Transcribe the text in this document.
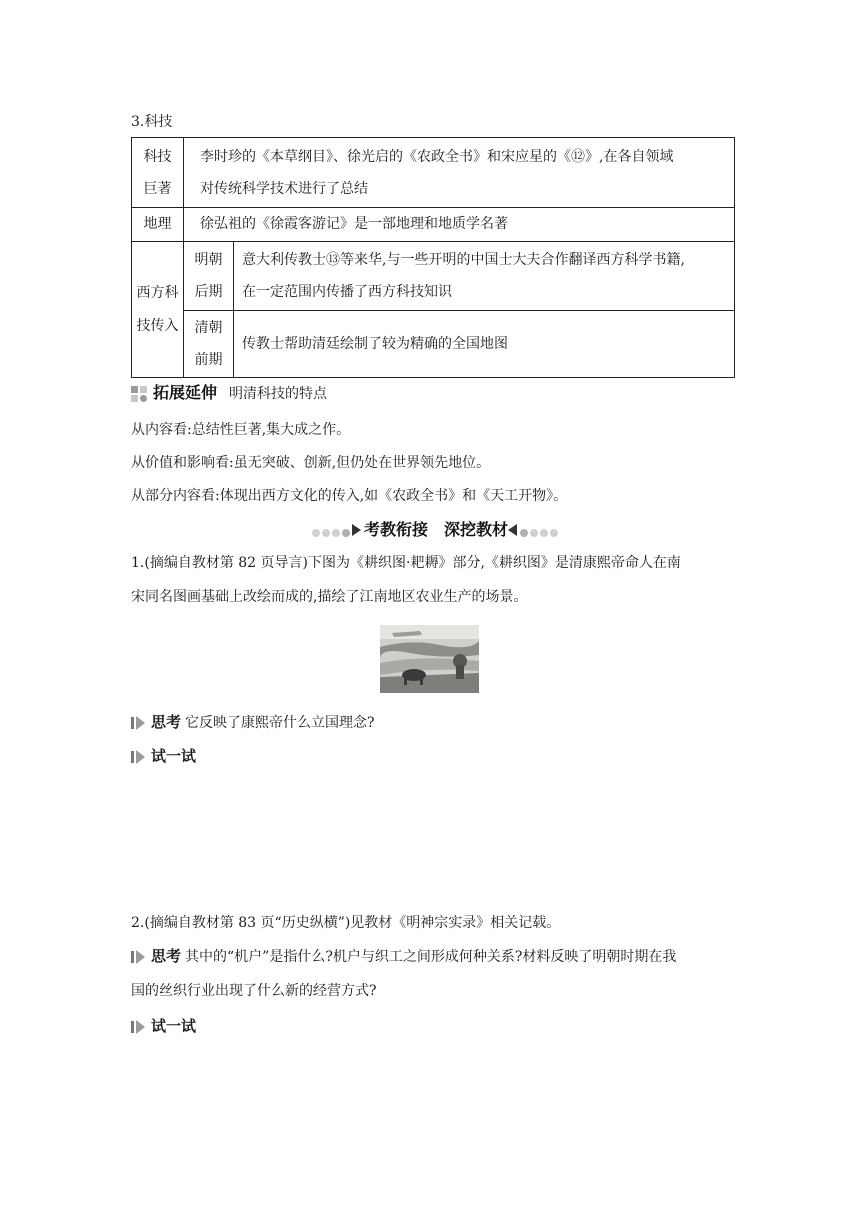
3.科技
科技
巨著
李时珍的《本草纲目》、徐光启的《农政全书》和宋应星的《⑫》,在各自领域
对传统科学技术进行了总结
地理	徐弘祖的《徐霞客游记》是一部地理和地质学名著
西方科
技传入
明朝
后期
意大利传教士⑬等来华,与一些开明的中国士大夫合作翻译西方科学书籍,
在一定范围内传播了西方科技知识
清朝
前期
传教士帮助清廷绘制了较为精确的全国地图
拓展延伸 明清科技的特点
从内容看:总结性巨著,集大成之作。
从价值和影响看:虽无突破、创新,但仍处在世界领先地位。
从部分内容看:体现出西方文化的传入,如《农政全书》和《天工开物》。
考教衔接　深挖教材
1.(摘编自教材第 82 页导言)下图为《耕织图·耙耨》部分,《耕织图》是清康熙帝命人在南
宋同名图画基础上改绘而成的,描绘了江南地区农业生产的场景。
思考 它反映了康熙帝什么立国理念?
试一试
2.(摘编自教材第 83 页“历史纵横”)见教材《明神宗实录》相关记载。
思考 其中的“机户”是指什么?机户与织工之间形成何种关系?材料反映了明朝时期在我
国的丝织行业出现了什么新的经营方式?
试一试
